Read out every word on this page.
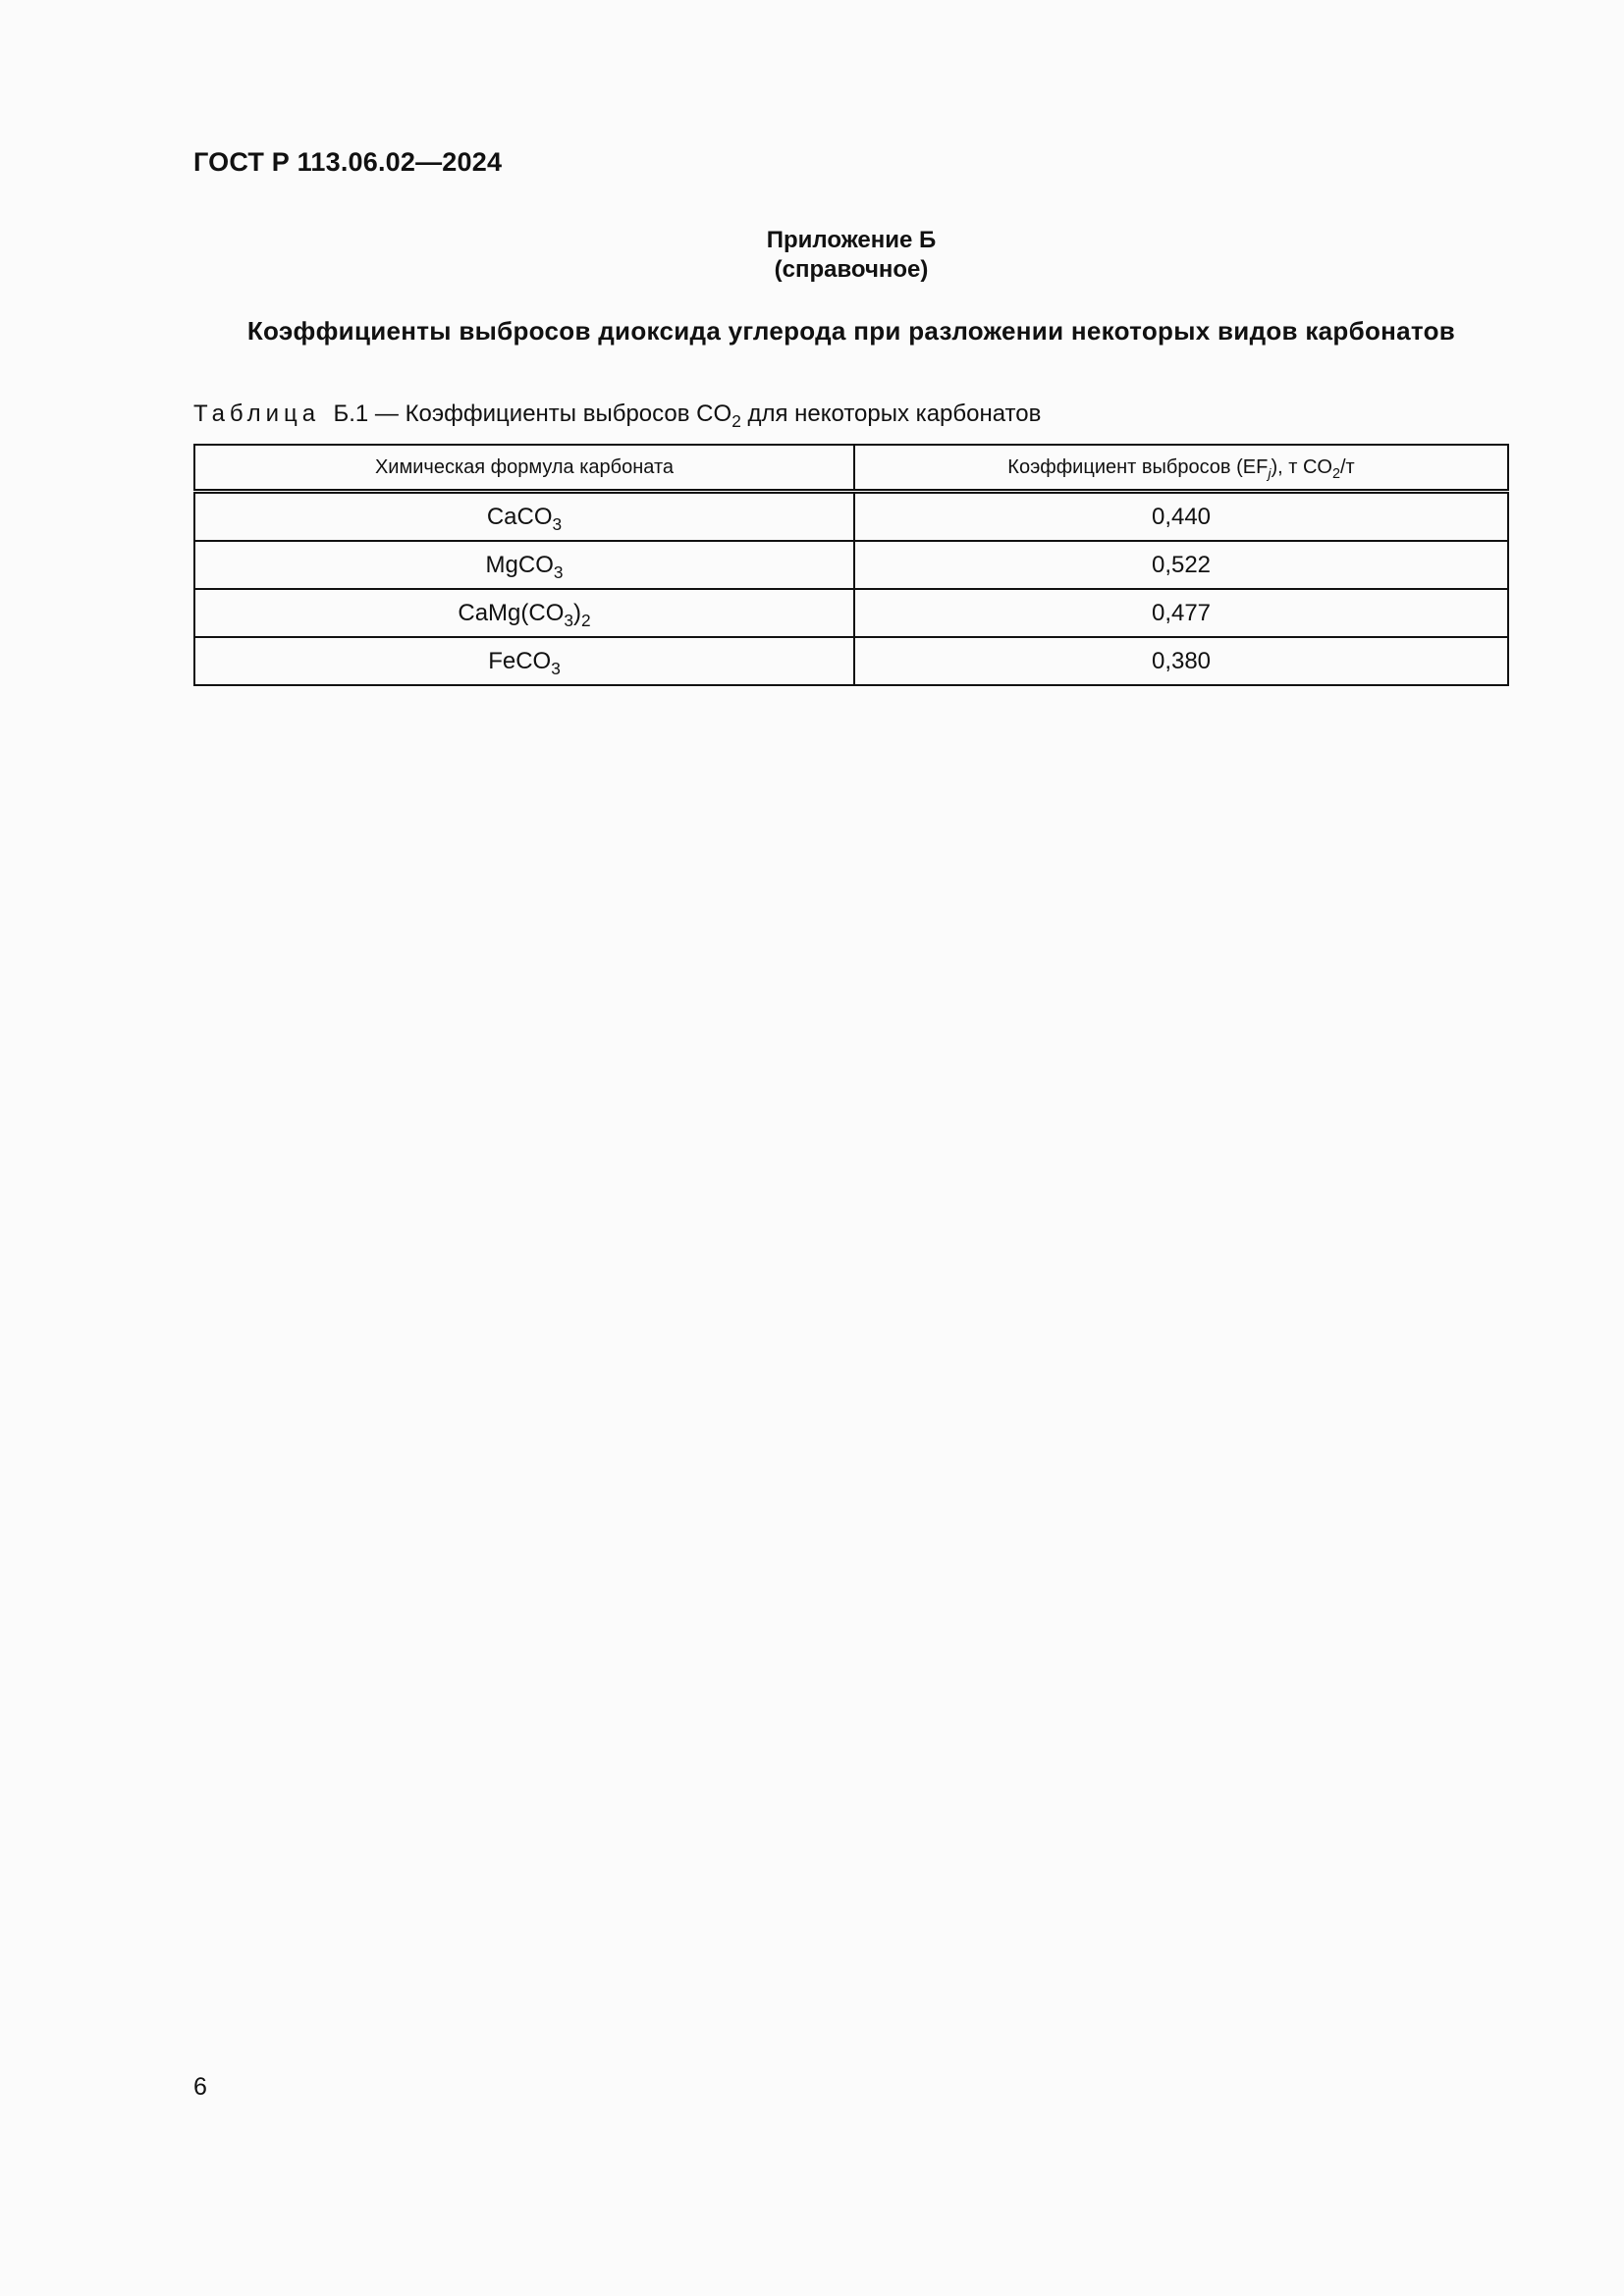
ГОСТ Р 113.06.02—2024
Приложение Б
(справочное)
Коэффициенты выбросов диоксида углерода при разложении некоторых видов карбонатов
Таблица Б.1 — Коэффициенты выбросов $CO_2$ для некоторых карбонатов
Химическая формула карбоната	Коэффициент выбросов $(EF_j)$, т $CO_2/т$
CaCO$_3$	0,440
MgCO$_3$	0,522
$CaMg(CO_3)_2$	0,477
FeCO$_3$	0,380
6
